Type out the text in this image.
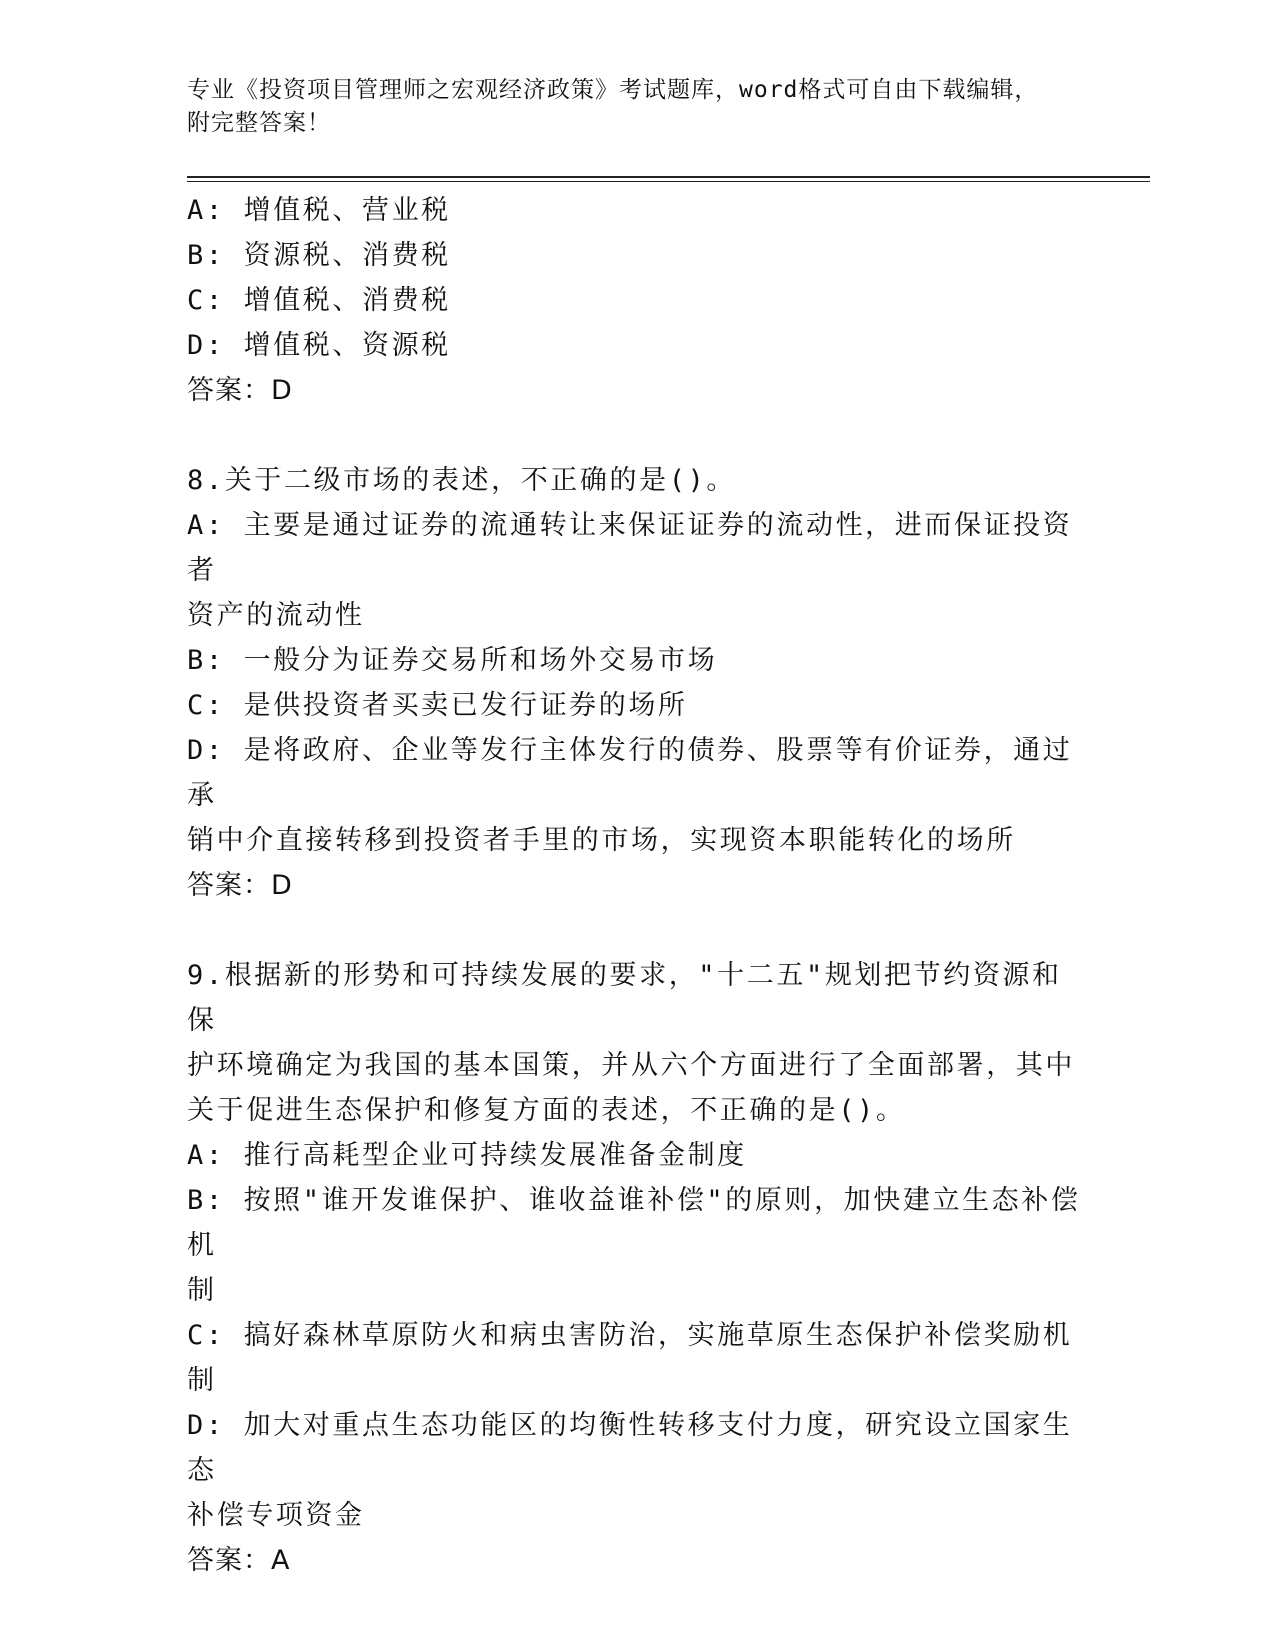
专业《投资项目管理师之宏观经济政策》考试题库，word格式可自由下载编辑，

附完整答案！

A: 增值税、营业税

B: 资源税、消费税

C: 增值税、消费税

D: 增值税、资源税

答案：D

8.关于二级市场的表述，不正确的是()。

A: 主要是通过证券的流通转让来保证证券的流动性，进而保证投资者

资产的流动性

B: 一般分为证券交易所和场外交易市场

C: 是供投资者买卖已发行证券的场所

D: 是将政府、企业等发行主体发行的债券、股票等有价证券，通过承

销中介直接转移到投资者手里的市场，实现资本职能转化的场所

答案：D

9.根据新的形势和可持续发展的要求，"十二五"规划把节约资源和保

护环境确定为我国的基本国策，并从六个方面进行了全面部署，其中

关于促进生态保护和修复方面的表述，不正确的是()。

A: 推行高耗型企业可持续发展准备金制度

B: 按照"谁开发谁保护、谁收益谁补偿"的原则，加快建立生态补偿机

制

C: 搞好森林草原防火和病虫害防治，实施草原生态保护补偿奖励机制

D: 加大对重点生态功能区的均衡性转移支付力度，研究设立国家生态

补偿专项资金

答案：A
